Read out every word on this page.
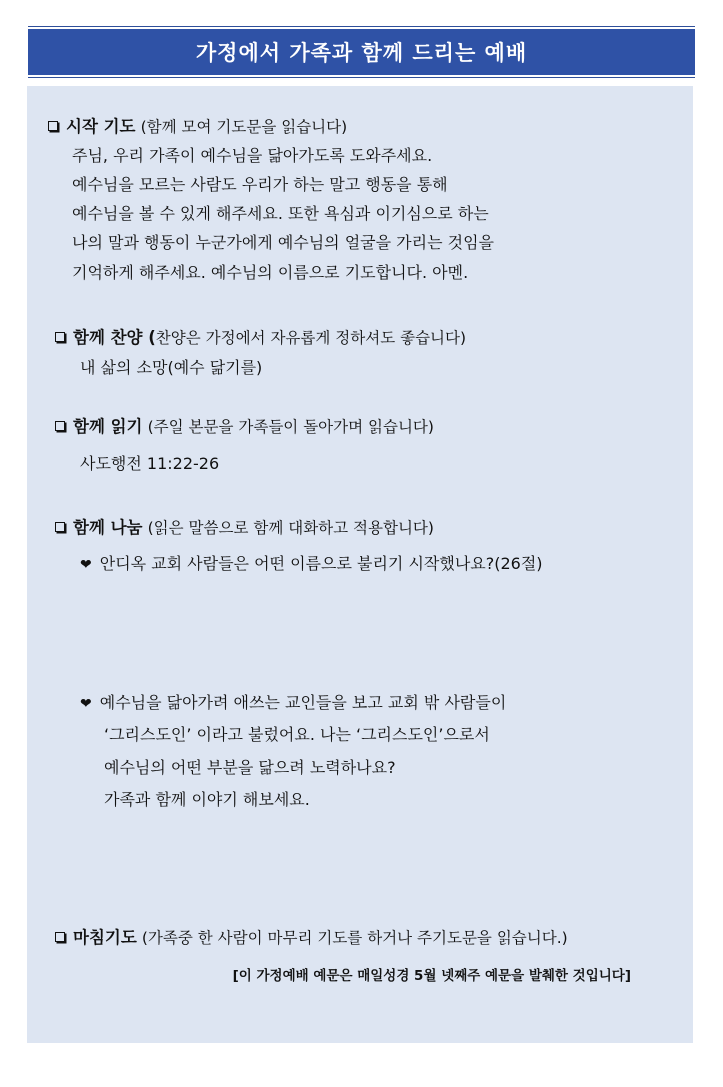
가정에서 가족과 함께 드리는 예배
시작 기도 (함께 모여 기도문을 읽습니다)
주님, 우리 가족이 예수님을 닮아가도록 도와주세요.
예수님을 모르는 사람도 우리가 하는 말고 행동을 통해
예수님을 볼 수 있게 해주세요. 또한 욕심과 이기심으로 하는
나의 말과 행동이 누군가에게 예수님의 얼굴을 가리는 것임을
기억하게 해주세요. 예수님의 이름으로 기도합니다. 아멘.
함께 찬양 (찬양은 가정에서 자유롭게 정하셔도 좋습니다)
내 삶의 소망(예수 닮기를)
함께 읽기 (주일 본문을 가족들이 돌아가며 읽습니다)
사도행전 11:22-26
함께 나눔 (읽은 말씀으로 함께 대화하고 적용합니다)
❤ 안디옥 교회 사람들은 어떤 이름으로 불리기 시작했나요?(26절)
❤ 예수님을 닮아가려 애쓰는 교인들을 보고 교회 밖 사람들이
‘그리스도인’ 이라고 불렀어요. 나는 ‘그리스도인’으로서
예수님의 어떤 부분을 닮으려 노력하나요?
가족과 함께 이야기 해보세요.
마침기도 (가족중 한 사람이 마무리 기도를 하거나 주기도문을 읽습니다.)
[이 가정예배 예문은 매일성경 5월 넷째주 예문을 발췌한 것입니다]
